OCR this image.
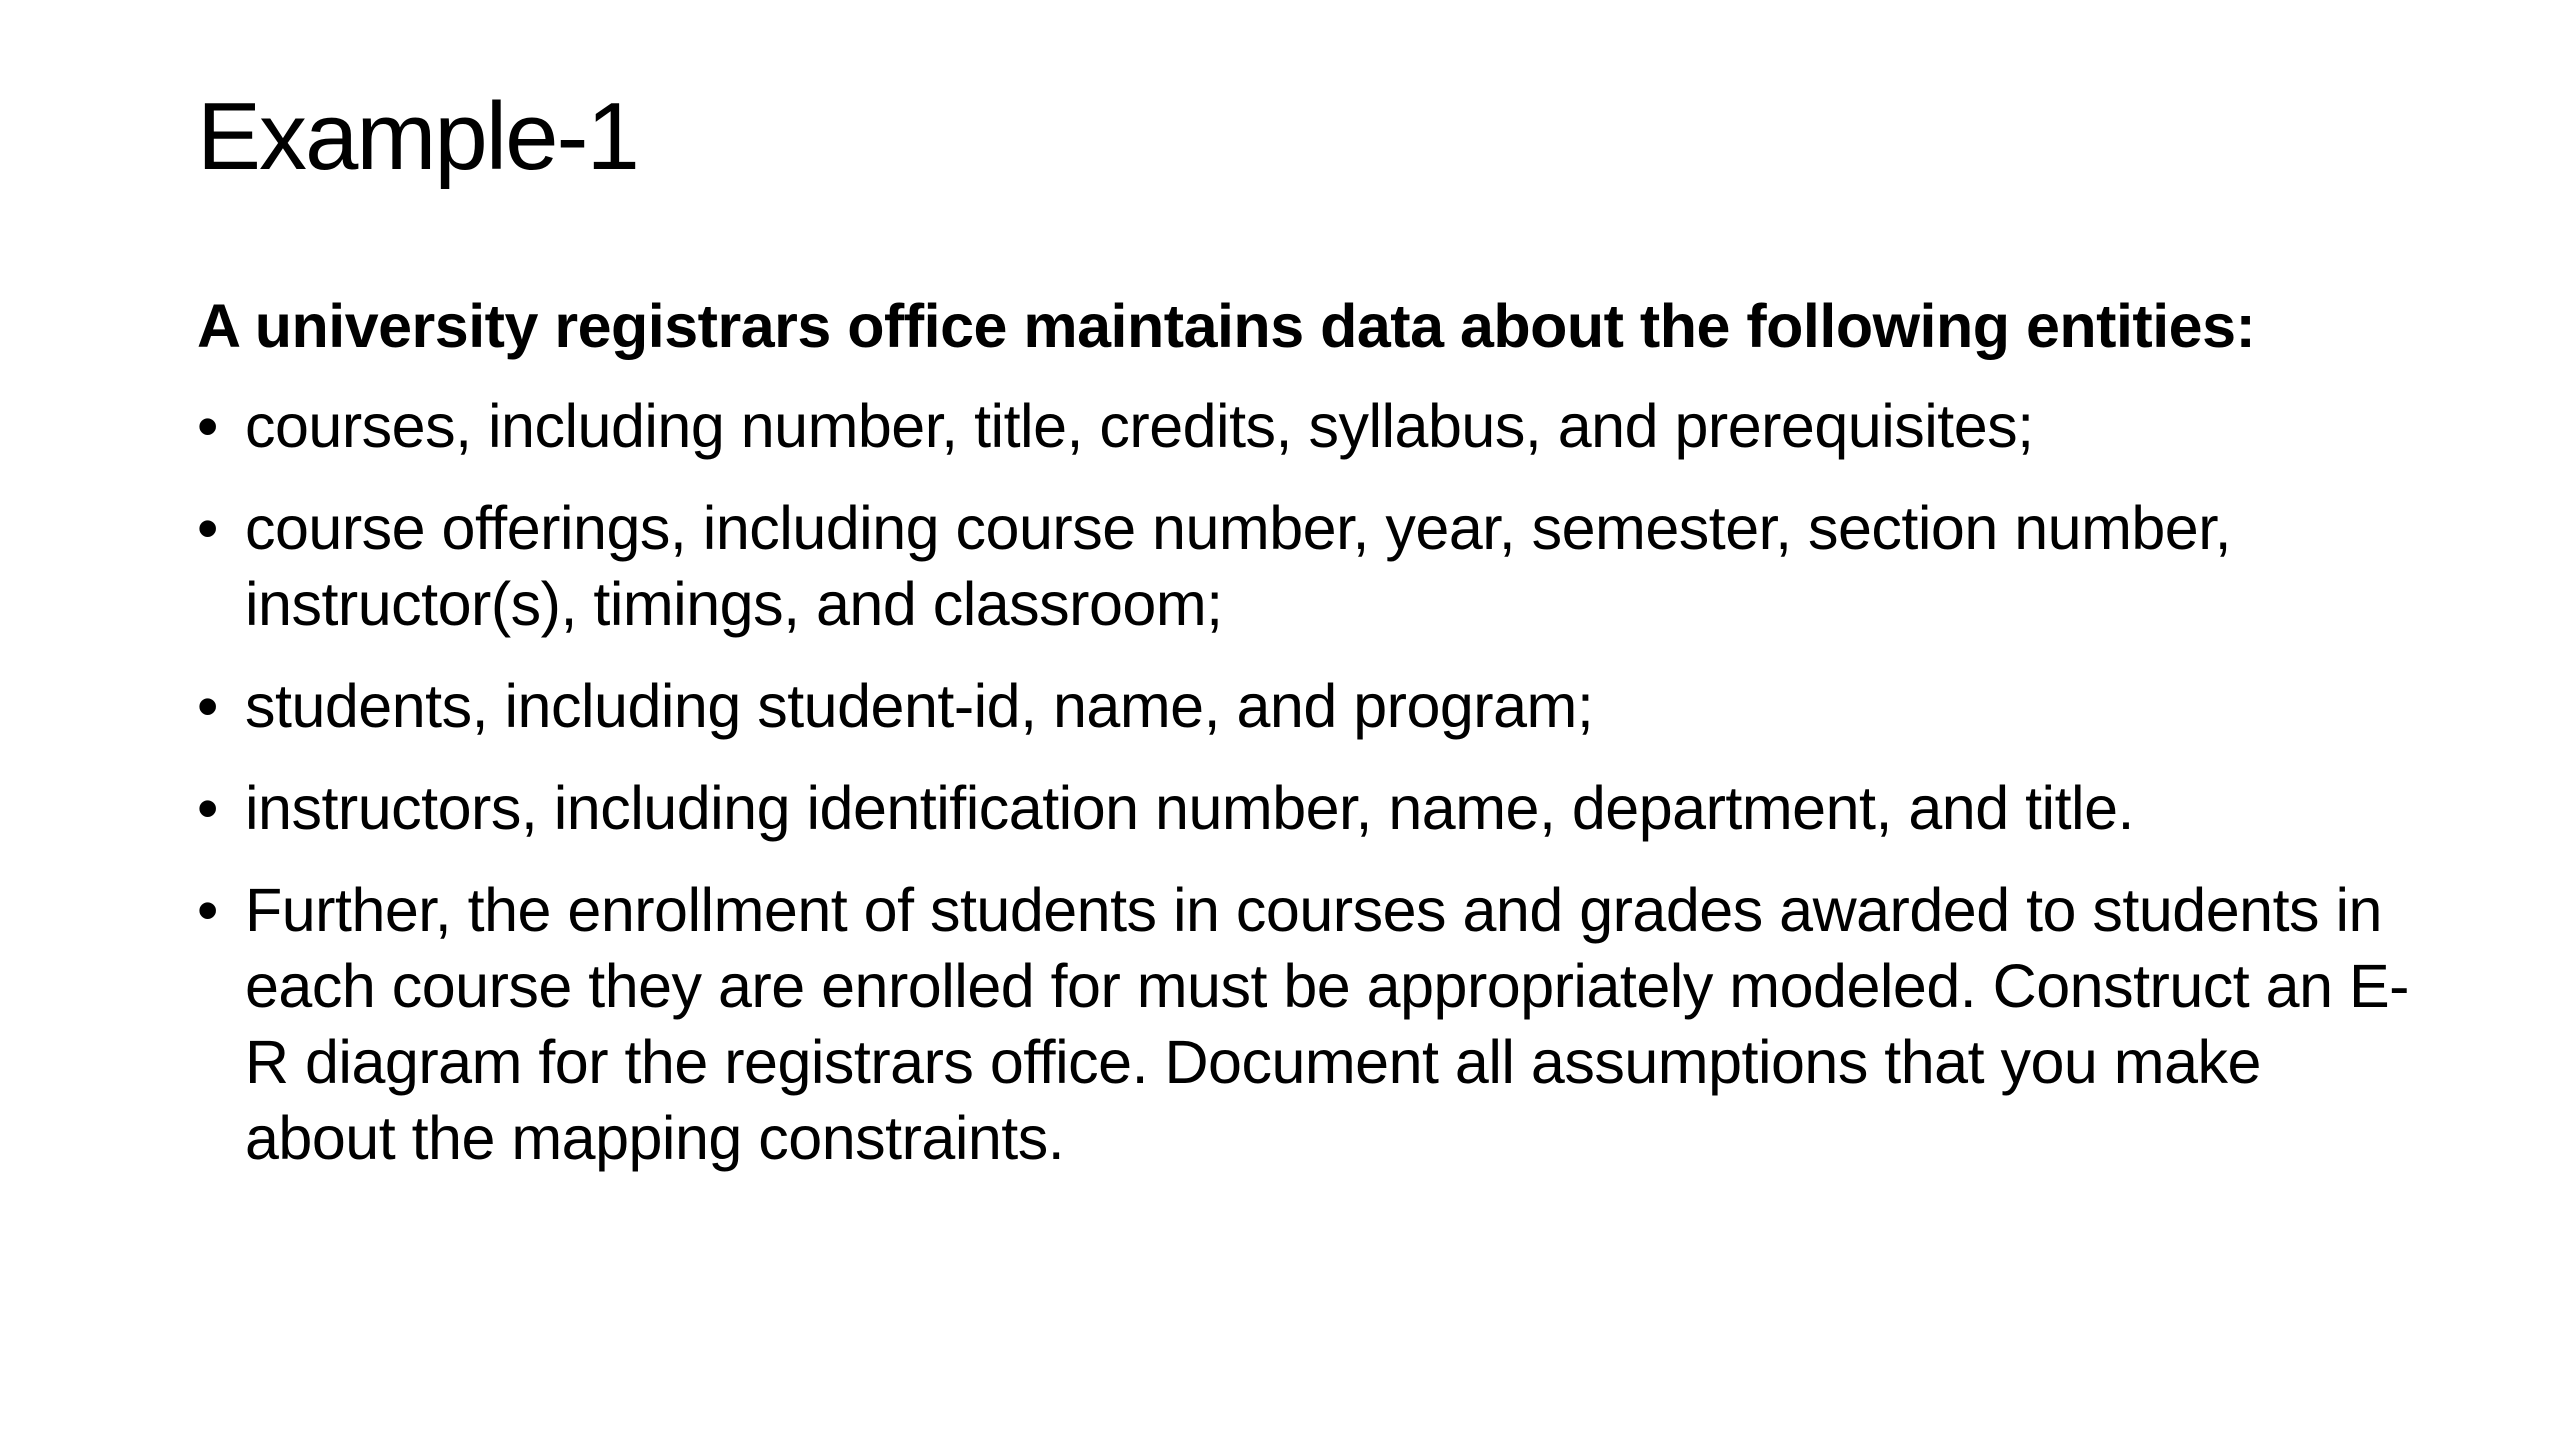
Example-1

A university registrars office maintains data about the following entities:

• courses, including number, title, credits, syllabus, and prerequisites;
• course offerings, including course number, year, semester, section number, instructor(s), timings, and classroom;
• students, including student-id, name, and program;
• instructors, including identification number, name, department, and title.
• Further, the enrollment of students in courses and grades awarded to students in each course they are enrolled for must be appropriately modeled. Construct an E-R diagram for the registrars office. Document all assumptions that you make about the mapping constraints.
